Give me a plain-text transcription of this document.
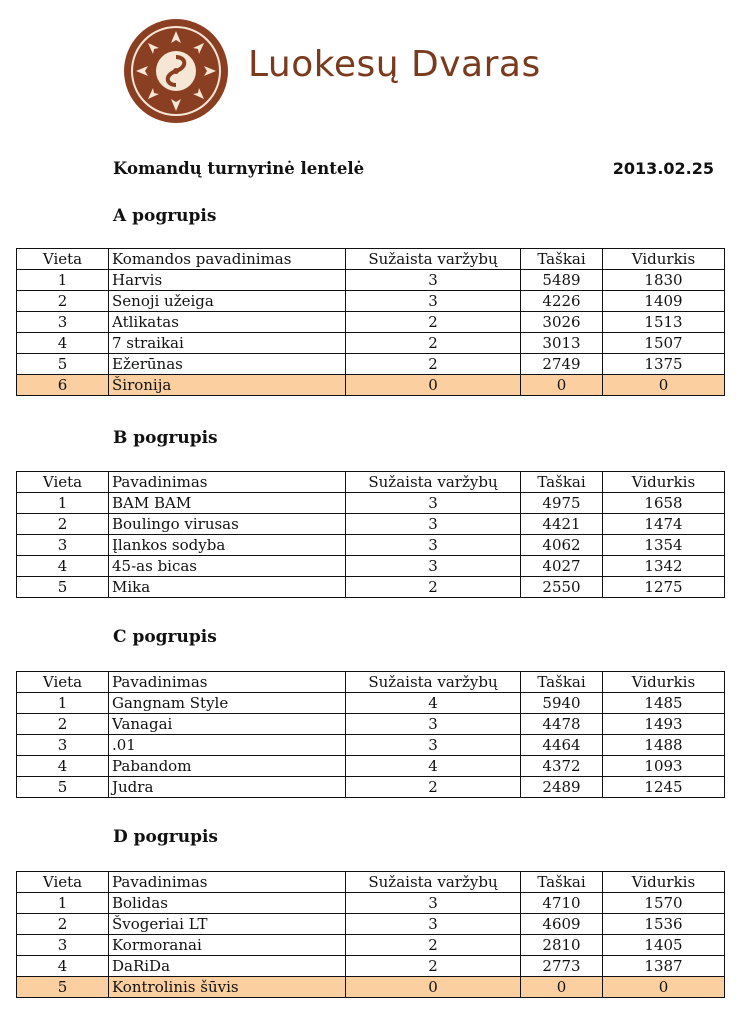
Luokesų Dvaras
Komandų turnyrinė lentelė	2013.02.25
A pogrupis
Vieta	Komandos pavadinimas	Sužaista varžybų	Taškai	Vidurkis
1	Harvis	3	5489	1830
2	Senoji užeiga	3	4226	1409
3	Atlikatas	2	3026	1513
4	7 straikai	2	3013	1507
5	Ežerūnas	2	2749	1375
6	Šironija	0	0	0
B pogrupis
Vieta	Pavadinimas	Sužaista varžybų	Taškai	Vidurkis
1	BAM BAM	3	4975	1658
2	Boulingo virusas	3	4421	1474
3	Įlankos sodyba	3	4062	1354
4	45-as bicas	3	4027	1342
5	Mika	2	2550	1275
C pogrupis
Vieta	Pavadinimas	Sužaista varžybų	Taškai	Vidurkis
1	Gangnam Style	4	5940	1485
2	Vanagai	3	4478	1493
3	.01	3	4464	1488
4	Pabandom	4	4372	1093
5	Judra	2	2489	1245
D pogrupis
Vieta	Pavadinimas	Sužaista varžybų	Taškai	Vidurkis
1	Bolidas	3	4710	1570
2	Švogeriai LT	3	4609	1536
3	Kormoranai	2	2810	1405
4	DaRiDa	2	2773	1387
5	Kontrolinis šūvis	0	0	0
